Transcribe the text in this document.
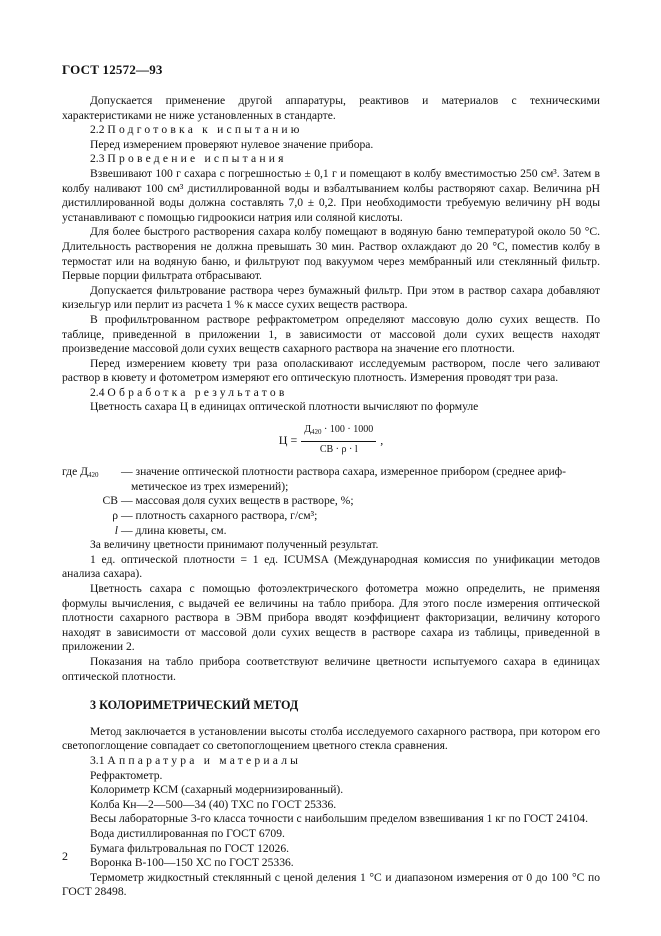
ГОСТ 12572—93

Допускается применение другой аппаратуры, реактивов и материалов с техническими характеристиками не ниже установленных в стандарте.

2.2 Подготовка к испытанию

Перед измерением проверяют нулевое значение прибора.

2.3 Проведение испытания

Взвешивают 100 г сахара с погрешностью ± 0,1 г и помещают в колбу вместимостью 250 см³. Затем в колбу наливают 100 см³ дистиллированной воды и взбалтыванием колбы растворяют сахар. Величина pH дистиллированной воды должна составлять 7,0 ± 0,2. При необходимости требуемую величину pH воды устанавливают с помощью гидроокиси натрия или соляной кислоты.

Для более быстрого растворения сахара колбу помещают в водяную баню температурой около 50 °С. Длительность растворения не должна превышать 30 мин. Раствор охлаждают до 20 °С, поместив колбу в термостат или на водяную баню, и фильтруют под вакуумом через мембранный или стеклянный фильтр. Первые порции фильтрата отбрасывают.

Допускается фильтрование раствора через бумажный фильтр. При этом в раствор сахара добавляют кизельгур или перлит из расчета 1 % к массе сухих веществ раствора.

В профильтрованном растворе рефрактометром определяют массовую долю сухих веществ. По таблице, приведенной в приложении 1, в зависимости от массовой доли сухих веществ находят произведение массовой доли сухих веществ сахарного раствора на значение его плотности.

Перед измерением кювету три раза ополаскивают исследуемым раствором, после чего заливают раствор в кювету и фотометром измеряют его оптическую плотность. Измерения проводят три раза.

2.4 Обработка результатов

Цветность сахара Ц в единицах оптической плотности вычисляют по формуле

$Ц = \frac{Д_{420} \cdot 100 \cdot 1000}{СВ \cdot \rho \cdot l}$ ,
где $Д_{420}$	— значение оптической плотности раствора сахара, измеренное прибором (среднее ариф-
метическое из трех измерений);
СВ — массовая доля сухих веществ в растворе, %;
ρ — плотность сахарного раствора, г/см³;
l — длина кюветы, см.

За величину цветности принимают полученный результат.

1 ед. оптической плотности = 1 ед. ICUMSA (Международная комиссия по унификации методов анализа сахара).

Цветность сахара с помощью фотоэлектрического фотометра можно определить, не применяя формулы вычисления, с выдачей ее величины на табло прибора. Для этого после измерения оптической плотности сахарного раствора в ЭВМ прибора вводят коэффициент факторизации, величину которого находят в зависимости от массовой доли сухих веществ в растворе сахара из таблицы, приведенной в приложении 2.

Показания на табло прибора соответствуют величине цветности испытуемого сахара в единицах оптической плотности.

3 КОЛОРИМЕТРИЧЕСКИЙ МЕТОД

Метод заключается в установлении высоты столба исследуемого сахарного раствора, при котором его светопоглощение совпадает со светопоглощением цветного стекла сравнения.

3.1 Аппаратура и материалы

Рефрактометр.

Колориметр КСМ (сахарный модернизированный).

Колба Кн—2—500—34 (40) ТХС по ГОСТ 25336.

Весы лабораторные 3-го класса точности с наибольшим пределом взвешивания 1 кг по ГОСТ 24104.

Вода дистиллированная по ГОСТ 6709.

Бумага фильтровальная по ГОСТ 12026.

Воронка В-100—150 ХС по ГОСТ 25336.

Термометр жидкостный стеклянный с ценой деления 1 °С и диапазоном измерения от 0 до 100 °С по ГОСТ 28498.

2
